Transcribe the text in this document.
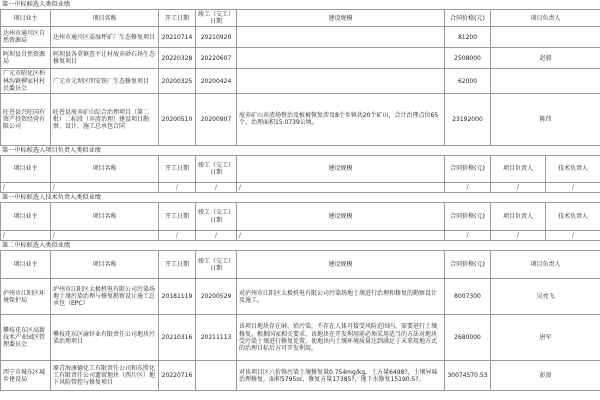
第一中标候选人类似业绩
项目业主	项目名称	开工日期	竣工（交工）日期	建设规模	合同价格(元)	项目负责人
达州市通川区自然资源局	达州市通川区姜湿坪矿厂生态修复项目	20210714	20210920		81200	
阿坝县自然资源局	阿坝县各莫镇查不让村废弃砂石场生态修复项目	20220328	20220607		2508000	赵毅
广元市昭化区柏林沟镇柳家村村民委员会	广元市元坝区明安铁厂生态修复项目	20200325	20200424		62000	
旺苍县兴旺国有资产投资经营有限公司	旺苍县废弃矿山综合治理项目（第二批）二标段（弃渣治理）建设项目勘察、设计、施工总承包合同	20200510	20200907	废弃矿山弃渣场整治及植被恢复涉及8个乡镇共20个矿山，合计治理点位65个，治理面积15.0739公顷。	23192000	陈伟
第一中标候选人项目负责人类似业绩
项目业主	项目名称	开工日期	竣工（交工）日期	建设规模	合同价格(元)	项目负责人	技术负责人
/	/	/	/	/	/	/	/
第一中标候选人技术负责人类似业绩
项目业主	项目名称	开工日期	竣工（交工）日期	建设规模	合同价格(元)	项目负责人	技术负责人
/	/	/	/	/	/	/	/
第二中标候选人类似业绩
项目业主	项目名称	开工日期	竣工（交工）日期	建设规模	合同价格(元)	项目负责人
泸州市江阳区环境保护局	泸州市江阳区太极机电有限公司污染场地土壤污染治理与修复勘察设计施工总承包（EPC）	20181119	20200529	对泸州市江阳区太极机电有限公司污染场地土壤进行治理和修复的勘察设计及施工。	8007300	吴亮飞
攀枝花东区高新技术产业园区管理委员会	攀枝花东区渝锌业有限责任公司地块污染治理项目	20210316	20211113	该项目地块存在砷、铅污染，不存在人体可接受风险范围内，需要进行土壤修复。根据国家相关要求，该地块在开发利用前必须采用适当的方法对地块受污染土壤进行修复处置，使地块内土壤环境质量达到满足于未来用地方式的治理目标后方可开发利用。	2680000	唐军
西宁市城东区城乡建设局	原青海康德化工有限责任公司和东胜化工有限责任公司遗留地块（西片区）地下风险管控与修复项目	20220716		对该项目区六价铬污染土壤修复量0.754mg/kg，土方量6498?，土壤异味治理修复，面积5795㎡，修复方量17385?，地下水修复15190.5?。	30074570.53	彭浚
